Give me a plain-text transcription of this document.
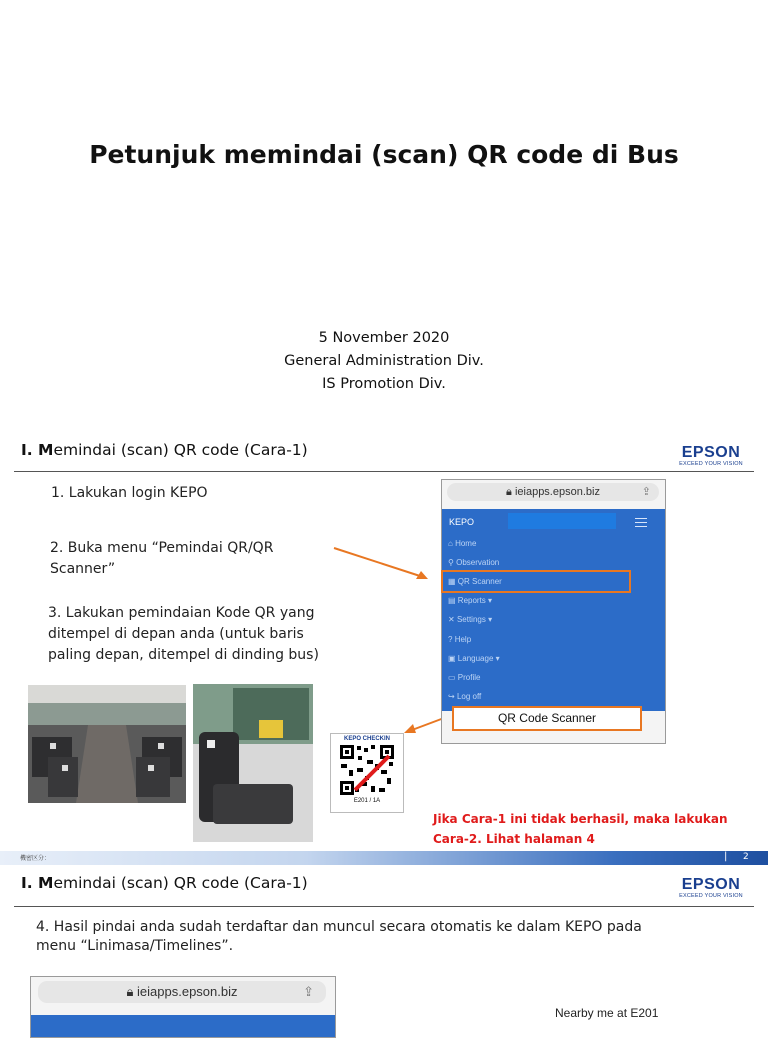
Petunjuk memindai (scan) QR code di Bus
5 November 2020
General Administration Div.
IS Promotion Div.
I. Memindai (scan) QR code (Cara-1)	EPSON
EXCEED YOUR VISION
1. Lakukan login KEPO
2. Buka menu “Pemindai QR/QR
Scanner”
3. Lakukan pemindaian Kode QR yang
ditempel di depan anda (untuk baris
paling depan, ditempel di dinding bus)
🔒︎ ieiapps.epson.biz	⇪
KEPO
⌂ Home
⚲ Observation
▦ QR Scanner
▤ Reports ▾
✕ Settings ▾
? Help
▣ Language ▾
▭ Profile
↪ Log off
QR Code Scanner
KEPO CHECKIN
E201 / 1A
Jika Cara-1 ini tidak berhasil, maka lakukan
Cara-2. Lihat halaman 4
機密区分：	| 2
I. Memindai (scan) QR code (Cara-1)	EPSON
EXCEED YOUR VISION
4. Hasil pindai anda sudah terdaftar dan muncul secara otomatis ke dalam KEPO pada
menu “Linimasa/Timelines”.
🔒︎ ieiapps.epson.biz	⇪
Nearby me at E201
